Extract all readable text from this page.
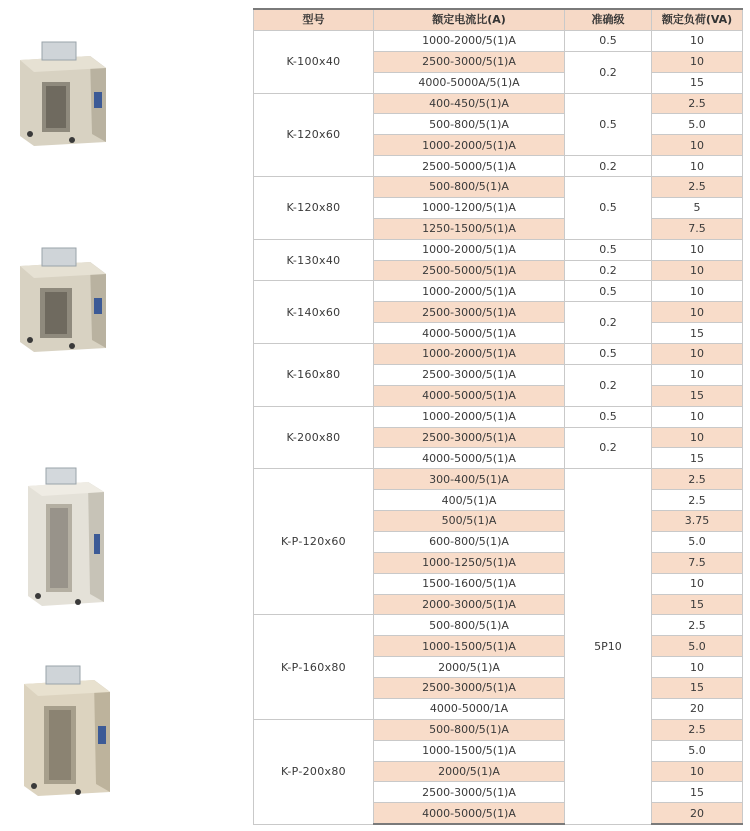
型号	额定电流比(A)	准确级	额定负荷(VA)
K-100x40	1000-2000/5(1)A	0.5	10
	2500-3000/5(1)A	0.2	10
	4000-5000A/5(1)A		15
K-120x60	400-450/5(1)A	0.5	2.5
	500-800/5(1)A		5.0
	1000-2000/5(1)A		10
	2500-5000/5(1)A	0.2	10
K-120x80	500-800/5(1)A	0.5	2.5
	1000-1200/5(1)A		5
	1250-1500/5(1)A		7.5
K-130x40	1000-2000/5(1)A	0.5	10
	2500-5000/5(1)A	0.2	10
K-140x60	1000-2000/5(1)A	0.5	10
	2500-3000/5(1)A	0.2	10
	4000-5000/5(1)A		15
K-160x80	1000-2000/5(1)A	0.5	10
	2500-3000/5(1)A	0.2	10
	4000-5000/5(1)A		15
K-200x80	1000-2000/5(1)A	0.5	10
	2500-3000/5(1)A	0.2	10
	4000-5000/5(1)A		15
K-P-120x60	300-400/5(1)A	5P10	2.5
	400/5(1)A		2.5
	500/5(1)A		3.75
	600-800/5(1)A		5.0
	1000-1250/5(1)A		7.5
	1500-1600/5(1)A		10
	2000-3000/5(1)A		15
K-P-160x80	500-800/5(1)A		2.5
	1000-1500/5(1)A		5.0
	2000/5(1)A		10
	2500-3000/5(1)A		15
	4000-5000/1A		20
K-P-200x80	500-800/5(1)A		2.5
	1000-1500/5(1)A		5.0
	2000/5(1)A		10
	2500-3000/5(1)A		15
	4000-5000/5(1)A		20
